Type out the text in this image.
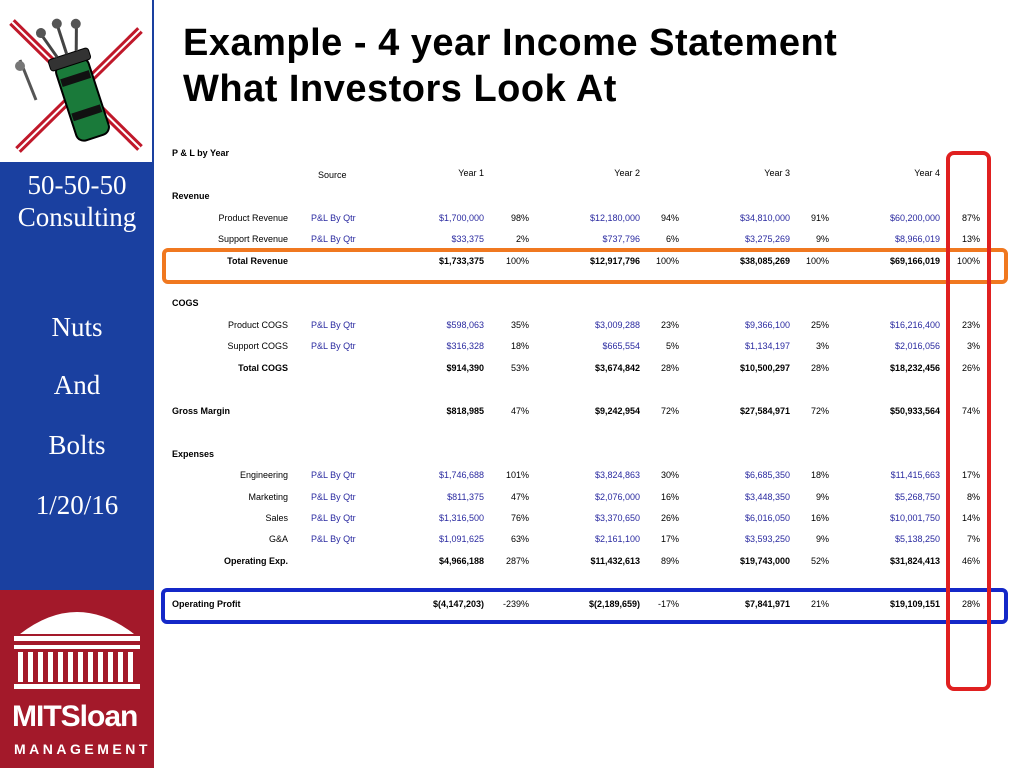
50-50-50
Consulting
Nuts
And
Bolts
1/20/16
MITSloan
MANAGEMENT
Example - 4 year Income Statement
What Investors Look At
P & L by Year
Source	Year 1	Year 2	Year 3	Year 4
Revenue
COGS
Expenses
Product Revenue	P&L By Qtr	$1,700,000	98%	$12,180,000	94%	$34,810,000	91%	$60,200,000	87%
Support Revenue	P&L By Qtr	$33,375	2%	$737,796	6%	$3,275,269	9%	$8,966,019	13%
Total Revenue	$1,733,375	100%	$12,917,796	100%	$38,085,269	100%	$69,166,019	100%
Product COGS	P&L By Qtr	$598,063	35%	$3,009,288	23%	$9,366,100	25%	$16,216,400	23%
Support COGS	P&L By Qtr	$316,328	18%	$665,554	5%	$1,134,197	3%	$2,016,056	3%
Total COGS	$914,390	53%	$3,674,842	28%	$10,500,297	28%	$18,232,456	26%
Gross Margin	$818,985	47%	$9,242,954	72%	$27,584,971	72%	$50,933,564	74%
Engineering	P&L By Qtr	$1,746,688	101%	$3,824,863	30%	$6,685,350	18%	$11,415,663	17%
Marketing	P&L By Qtr	$811,375	47%	$2,076,000	16%	$3,448,350	9%	$5,268,750	8%
Sales	P&L By Qtr	$1,316,500	76%	$3,370,650	26%	$6,016,050	16%	$10,001,750	14%
G&A	P&L By Qtr	$1,091,625	63%	$2,161,100	17%	$3,593,250	9%	$5,138,250	7%
Operating Exp.	$4,966,188	287%	$11,432,613	89%	$19,743,000	52%	$31,824,413	46%
Operating Profit	$(4,147,203)	-239%	$(2,189,659)	-17%	$7,841,971	21%	$19,109,151	28%
